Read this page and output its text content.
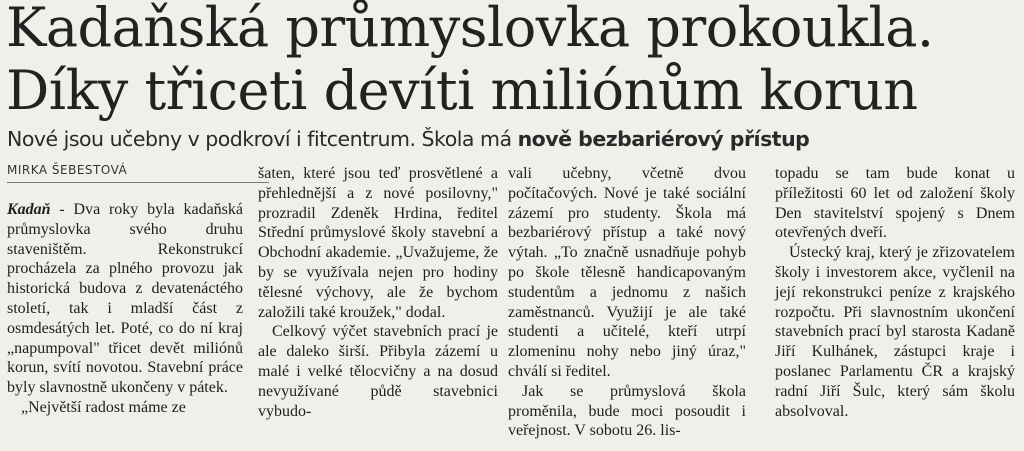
Kadaňská průmyslovka prokoukla.
Díky třiceti devíti miliónům korun
Nové jsou učebny v podkroví i fitcentrum. Škola má nově bezbariérový přístup
MIRKA ŠEBESTOVÁ

Kadaň - Dva roky byla kadaňská průmyslovka svého druhu staveništěm. Rekonstrukcí procházela za plného provozu jak historická budova z devatenáctého století, tak i mladší část z osmdesátých let. Poté, co do ní kraj „napumpoval" třicet devět miliónů korun, svítí novotou. Stavební práce byly slavnostně ukončeny v pátek.

„Největší radost máme ze

šaten, které jsou teď prosvětlené a přehlednější a z nové posilovny," prozradil Zdeněk Hrdina, ředitel Střední průmyslové školy stavební a Obchodní akademie. „Uvažujeme, že by se využívala nejen pro hodiny tělesné výchovy, ale že bychom založili také kroužek," dodal.

Celkový výčet stavebních prací je ale daleko širší. Přibyla zázemí u malé i velké tělocvičny a na dosud nevyužívané půdě stavebnici vybudo-

vali učebny, včetně dvou počítačových. Nové je také sociální zázemí pro studenty. Škola má bezbariérový přístup a také nový výtah. „To značně usnadňuje pohyb po škole tělesně handicapovaným studentům a jednomu z našich zaměstnanců. Využijí je ale také studenti a učitelé, kteří utrpí zlomeninu nohy nebo jiný úraz," chválí si ředitel.

Jak se průmyslová škola proměnila, bude moci posoudit i veřejnost. V sobotu 26. lis-

topadu se tam bude konat u příležitosti 60 let od založení školy Den stavitelství spojený s Dnem otevřených dveří.

Ústecký kraj, který je zřizovatelem školy i investorem akce, vyčlenil na její rekonstrukci peníze z krajského rozpočtu. Při slavnostním ukončení stavebních prací byl starosta Kadaně Jiří Kulhánek, zástupci kraje i poslanec Parlamentu ČR a krajský radní Jiří Šulc, který sám školu absolvoval.
